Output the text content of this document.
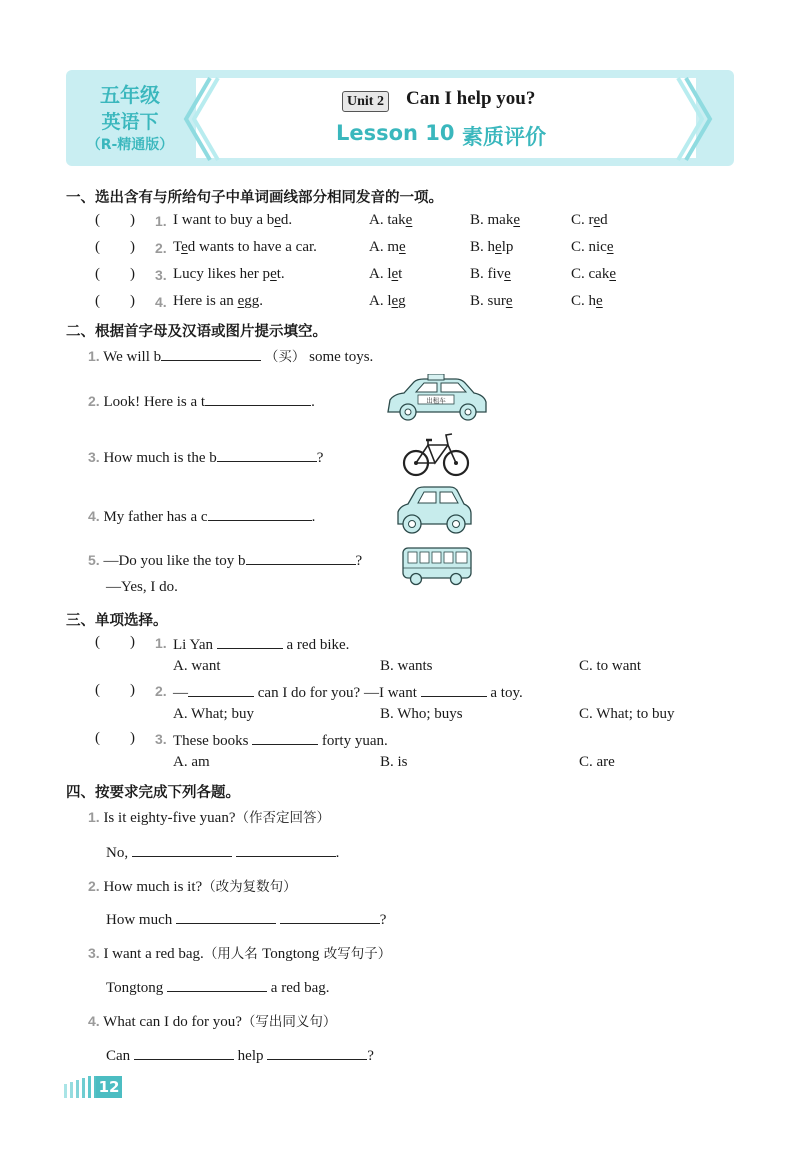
五年级
英语下
（R-精通版）
Unit 2 Can I help you?
Lesson 10 素质评价
一、选出含有与所给句子中单词画线部分相同发音的一项。
(        ) 1. I want to buy a bed.	A. take	B. make	C. red
(        ) 2. Ted wants to have a car.	A. me	B. help	C. nice
(        ) 3. Lucy likes her pet.	A. let	B. five	C. cake
(        ) 4. Here is an egg.	A. leg	B. sure	C. he
二、根据首字母及汉语或图片提示填空。
1. We will b	（买） some toys.
2. Look! Here is a t	.	出租车
3. How much is the b	?
4. My father has a c	.
5. —Do you like the toy b	?
—Yes, I do.
三、单项选择。
(        ) 1. Li Yan	a red bike.
A. want	B. wants	C. to want
(        ) 2. —	can I do for you? —I want	a toy.
A. What; buy	B. Who; buys	C. What; to buy
(        ) 3. These books	forty yuan.
A. am	B. is	C. are
四、按要求完成下列各题。
1. Is it eighty-five yuan?（作否定回答）
No,	.
2. How much is it?（改为复数句）
How much	?
3. I want a red bag.（用人名 Tongtong 改写句子）
Tongtong	a red bag.
4. What can I do for you?（写出同义句）
Can	help	?
12
